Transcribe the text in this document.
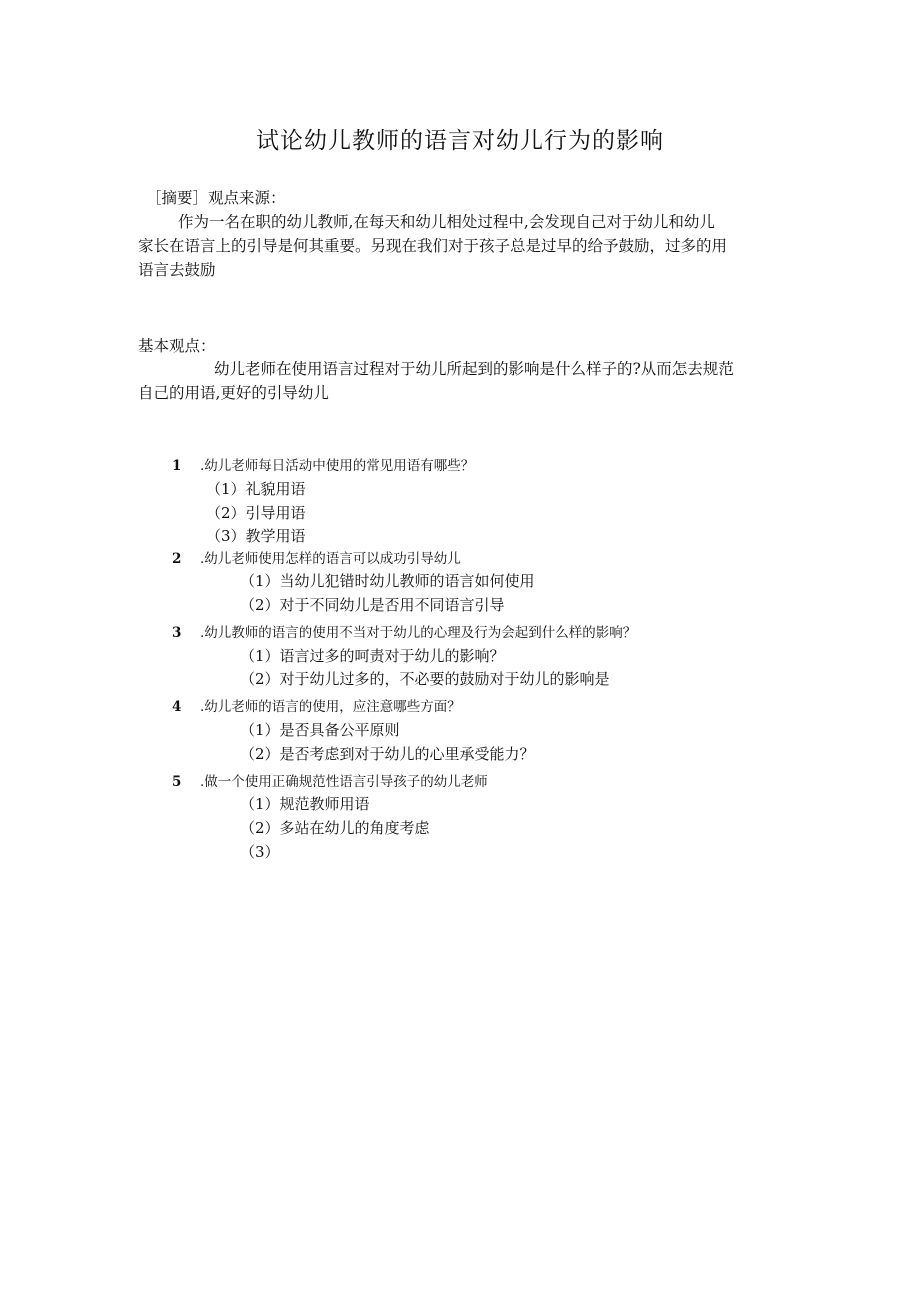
试论幼儿教师的语言对幼儿行为的影响
［摘要］观点来源：
作为一名在职的幼儿教师,在每天和幼儿相处过程中,会发现自己对于幼儿和幼儿
家长在语言上的引导是何其重要。另现在我们对于孩子总是过早的给予鼓励，过多的用
语言去鼓励
基本观点：
幼儿老师在使用语言过程对于幼儿所起到的影响是什么样子的?从而怎去规范
自己的用语,更好的引导幼儿
1 .幼儿老师每日活动中使用的常见用语有哪些？
（1）礼貌用语
（2）引导用语
（3）教学用语
2 .幼儿老师使用怎样的语言可以成功引导幼儿
（1）当幼儿犯错时幼儿教师的语言如何使用
（2）对于不同幼儿是否用不同语言引导
3 .幼儿教师的语言的使用不当对于幼儿的心理及行为会起到什么样的影响？
（1）语言过多的呵责对于幼儿的影响？
（2）对于幼儿过多的，不必要的鼓励对于幼儿的影响是
4 .幼儿老师的语言的使用，应注意哪些方面？
（1）是否具备公平原则
（2）是否考虑到对于幼儿的心里承受能力？
5 .做一个使用正确规范性语言引导孩子的幼儿老师
（1）规范教师用语
（2）多站在幼儿的角度考虑
（3）
